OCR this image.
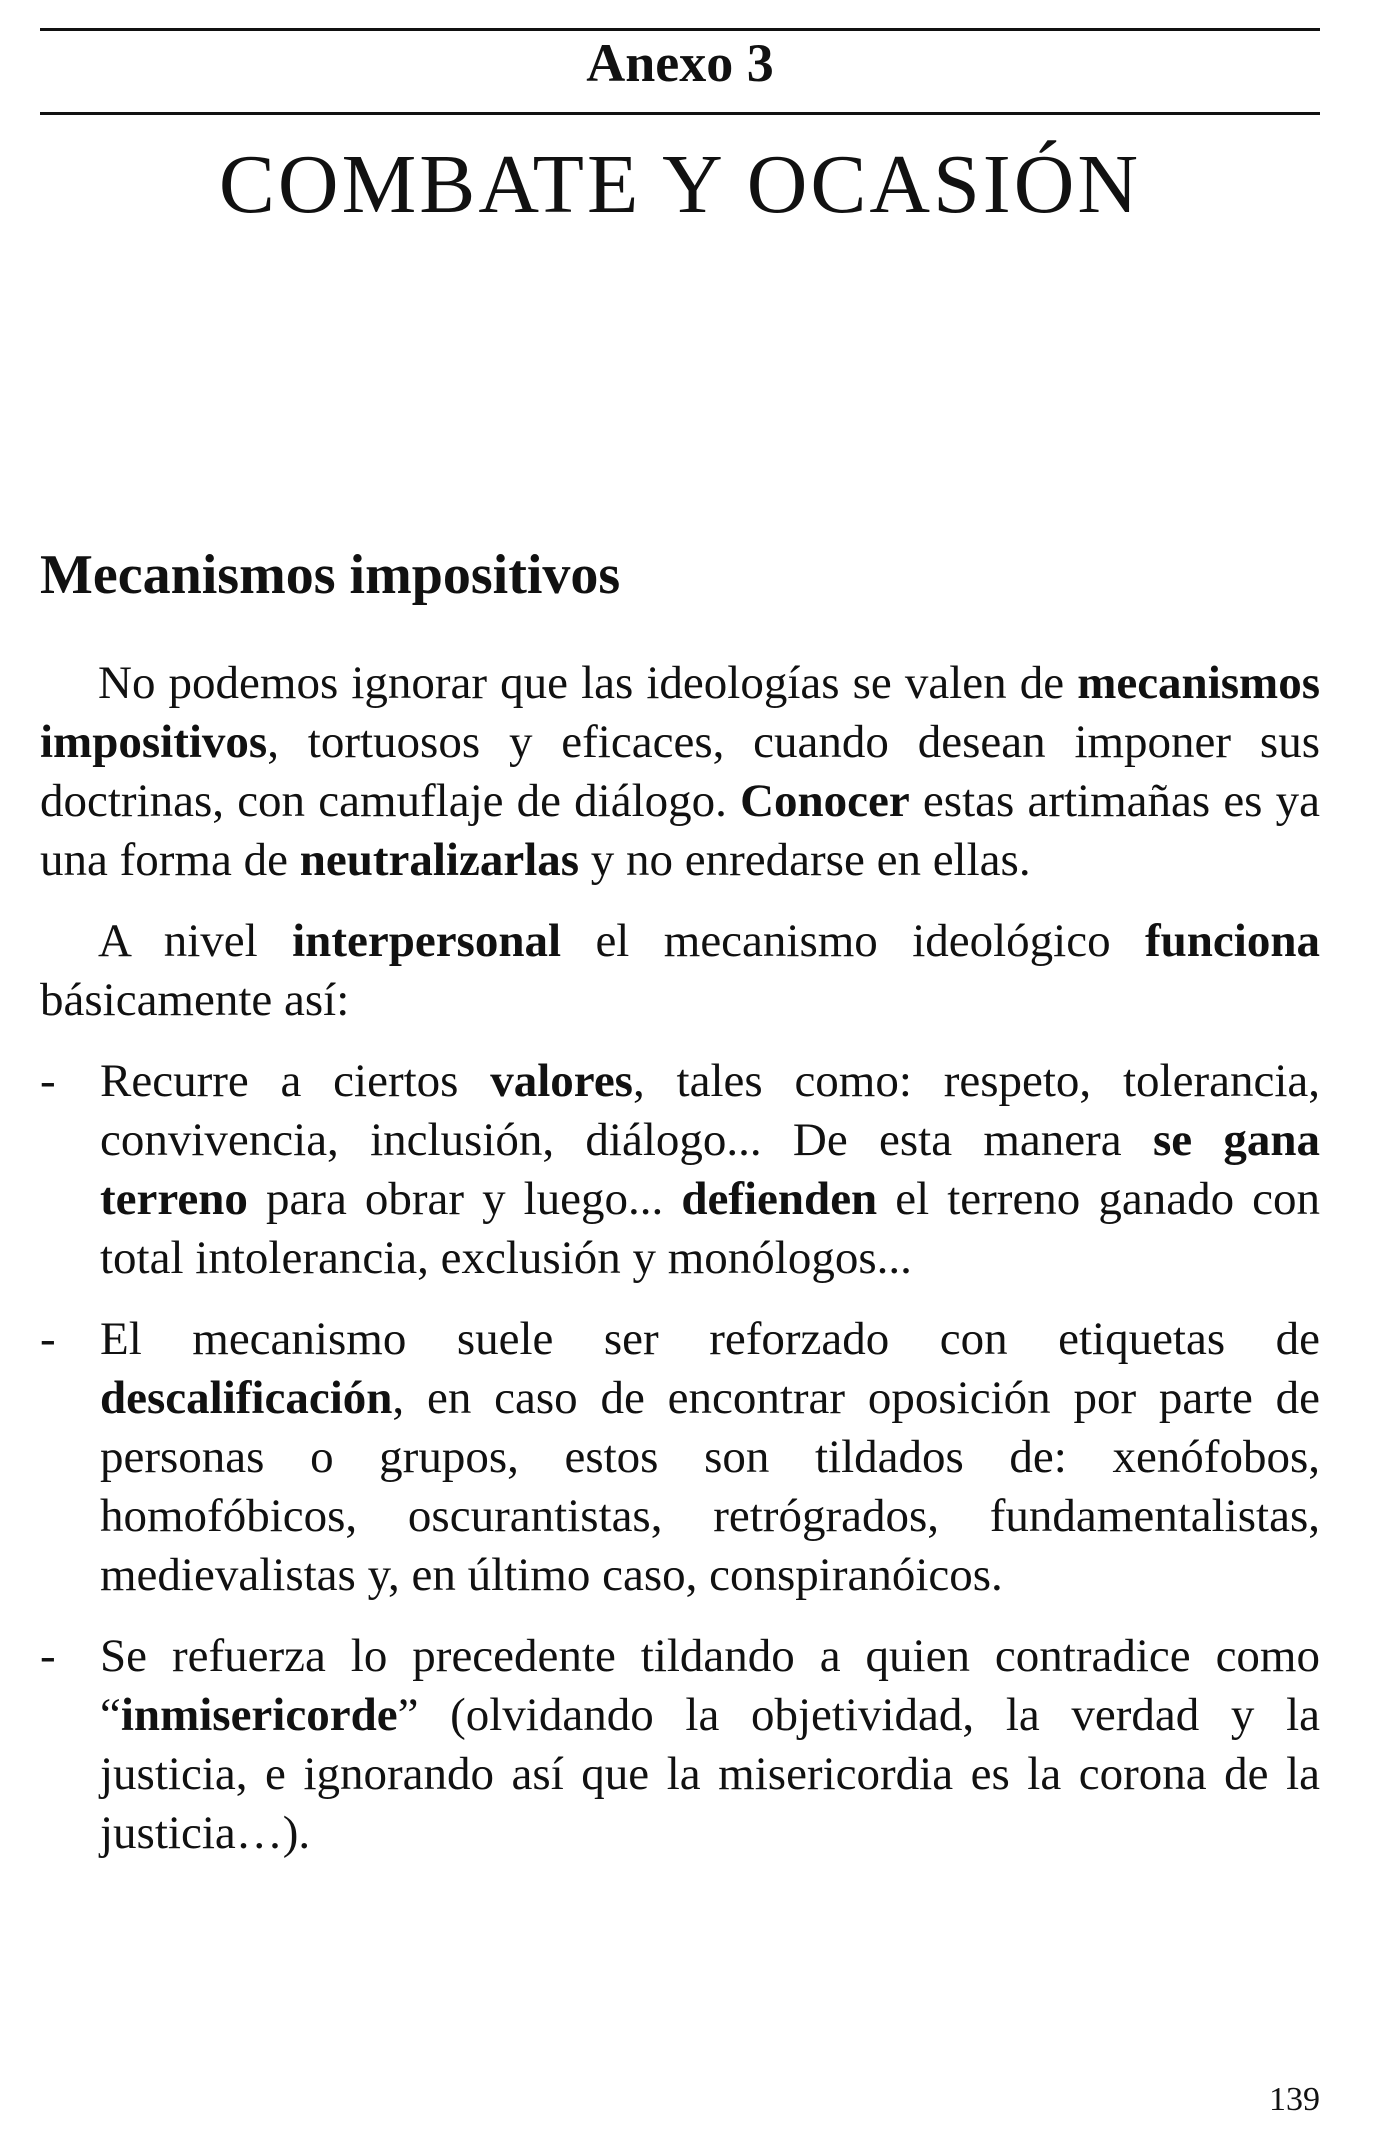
Anexo 3
COMBATE Y OCASIÓN
Mecanismos impositivos

No podemos ignorar que las ideologías se valen de mecanismos impositivos, tortuosos y eficaces, cuando desean imponer sus doctrinas, con camuflaje de diálogo. Conocer estas artimañas es ya una forma de neutralizarlas y no enredarse en ellas.

A nivel interpersonal el mecanismo ideológico funciona básicamente así:

- Recurre a ciertos valores, tales como: respeto, tolerancia, convivencia, inclusión, diálogo... De esta manera se gana terreno para obrar y luego... defienden el terreno ganado con total intolerancia, exclusión y monólogos...
- El mecanismo suele ser reforzado con etiquetas de descalificación, en caso de encontrar oposición por parte de personas o grupos, estos son tildados de: xenófobos, homofóbicos, oscurantistas, retrógrados, fundamentalistas, medievalistas y, en último caso, conspiranóicos.
- Se refuerza lo precedente tildando a quien contradice como “inmisericorde” (olvidando la objetividad, la verdad y la justicia, e ignorando así que la misericordia es la corona de la justicia…).
139
